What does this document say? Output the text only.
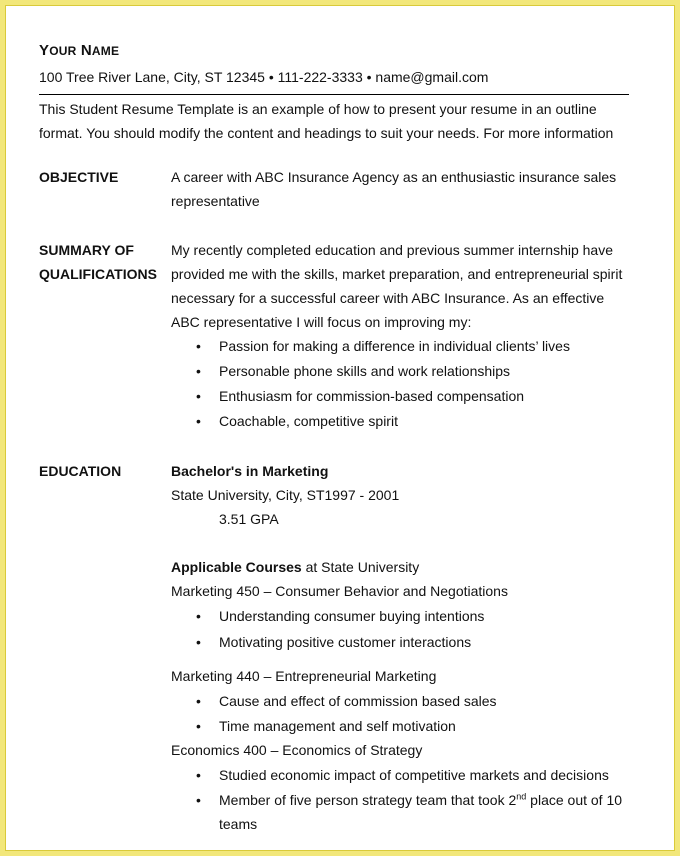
YOUR NAME
100 Tree River Lane, City, ST 12345 • 111-222-3333 • name@gmail.com
This Student Resume Template is an example of how to present your resume in an outline format. You should modify the content and headings to suit your needs. For more information
OBJECTIVE	A career with ABC Insurance Agency as an enthusiastic insurance sales
representative
SUMMARY OF
QUALIFICATIONS
My recently completed education and previous summer internship have
provided me with the skills, market preparation, and entrepreneurial spirit
necessary for a successful career with ABC Insurance. As an effective
ABC representative I will focus on improving my:
• Passion for making a difference in individual clients’ lives
• Personable phone skills and work relationships
• Enthusiasm for commission-based compensation
• Coachable, competitive spirit
EDUCATION	Bachelor's in Marketing
State University, City, ST1997 - 2001
3.51 GPA
Applicable Courses at State University
Marketing 450 – Consumer Behavior and Negotiations
• Understanding consumer buying intentions
• Motivating positive customer interactions
Marketing 440 – Entrepreneurial Marketing
• Cause and effect of commission based sales
• Time management and self motivation
Economics 400 – Economics of Strategy
• Studied economic impact of competitive markets and decisions
• Member of five person strategy team that took 2nd place out of 10
teams
